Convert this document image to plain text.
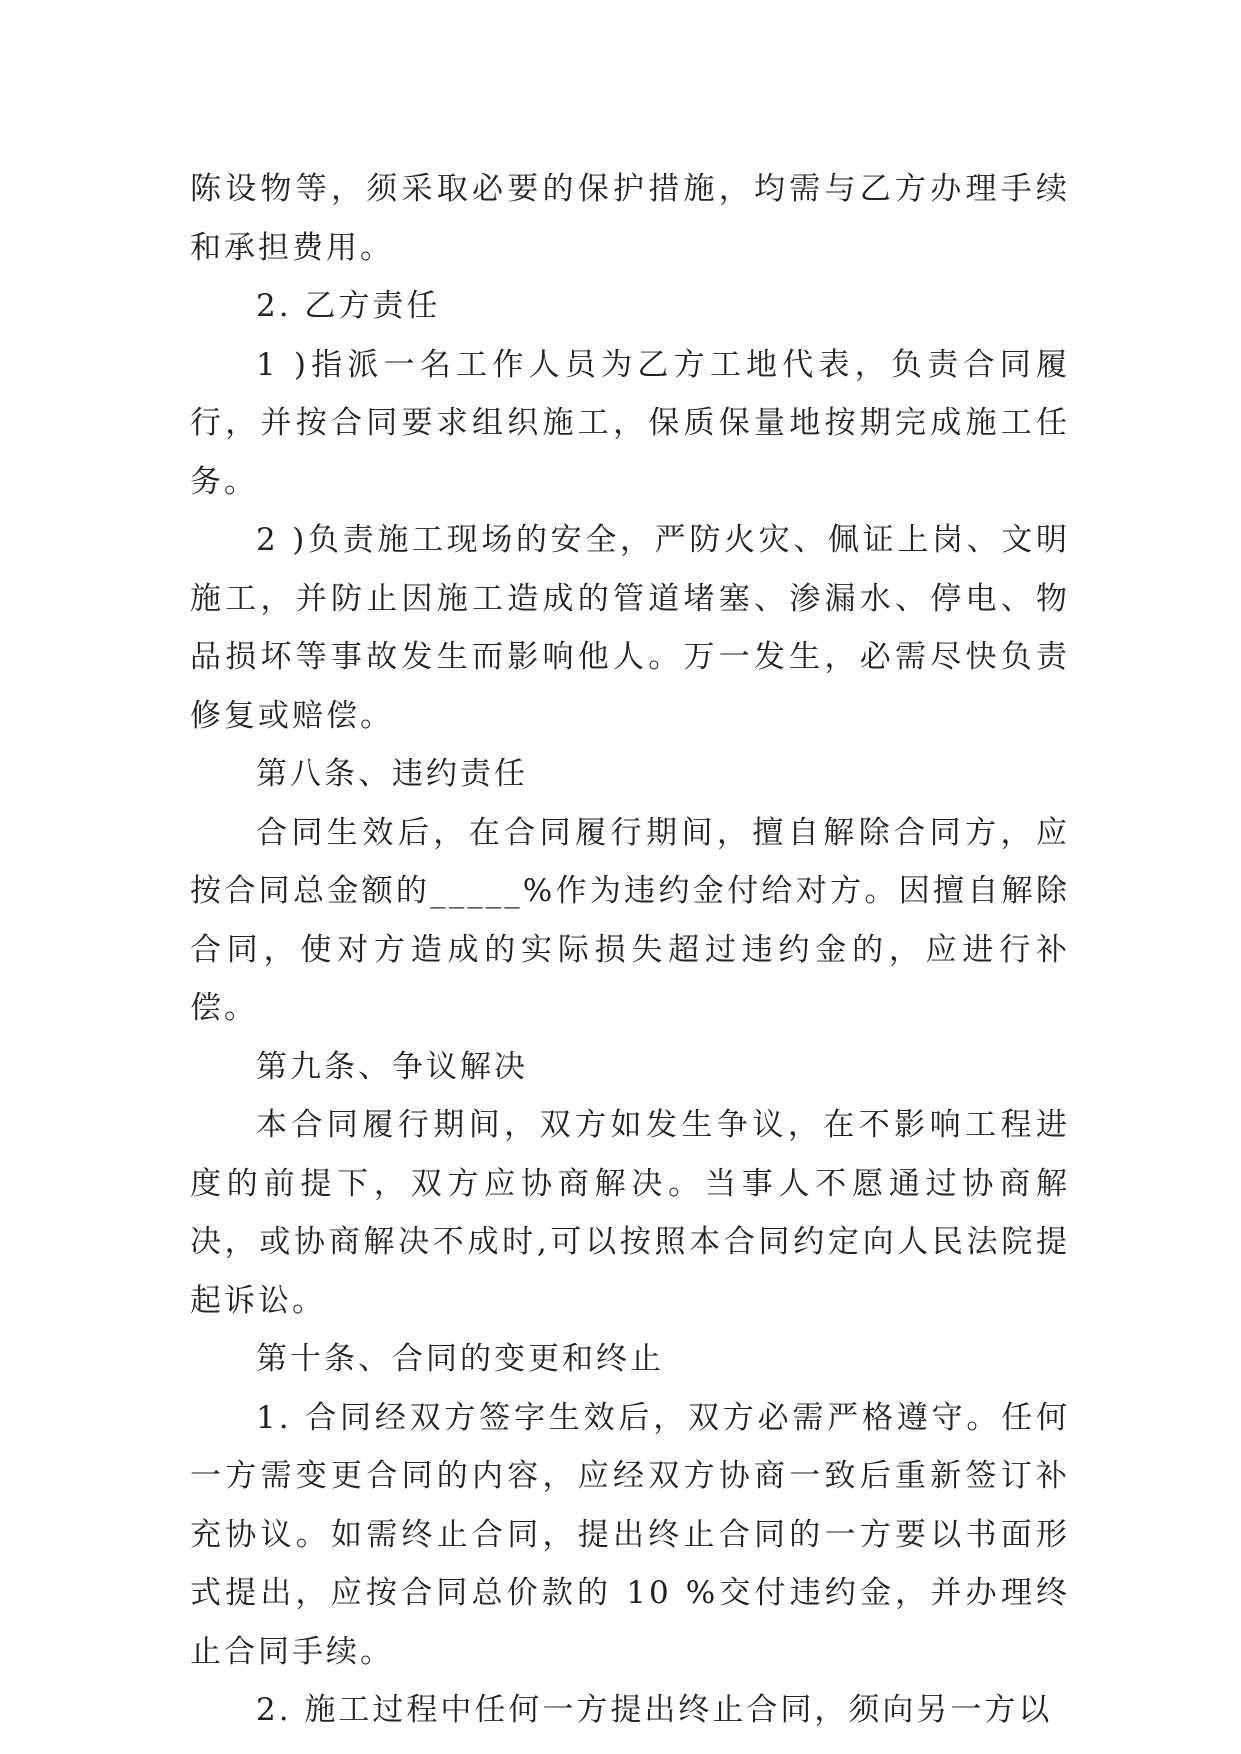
陈设物等，须采取必要的保护措施，均需与乙方办理手续和承担费用。

2. 乙方责任

1 )指派一名工作人员为乙方工地代表，负责合同履行，并按合同要求组织施工，保质保量地按期完成施工任务。

2 )负责施工现场的安全，严防火灾、佩证上岗、文明施工，并防止因施工造成的管道堵塞、渗漏水、停电、物品损坏等事故发生而影响他人。万一发生，必需尽快负责修复或赔偿。

第八条、违约责任

合同生效后，在合同履行期间，擅自解除合同方，应按合同总金额的_____%作为违约金付给对方。因擅自解除合同，使对方造成的实际损失超过违约金的，应进行补偿。

第九条、争议解决

本合同履行期间，双方如发生争议，在不影响工程进度的前提下，双方应协商解决。当事人不愿通过协商解决，或协商解决不成时,可以按照本合同约定向人民法院提起诉讼。

第十条、合同的变更和终止

1. 合同经双方签字生效后，双方必需严格遵守。任何一方需变更合同的内容，应经双方协商一致后重新签订补充协议。如需终止合同，提出终止合同的一方要以书面形式提出，应按合同总价款的 10 %交付违约金，并办理终止合同手续。

2. 施工过程中任何一方提出终止合同，须向另一方以
